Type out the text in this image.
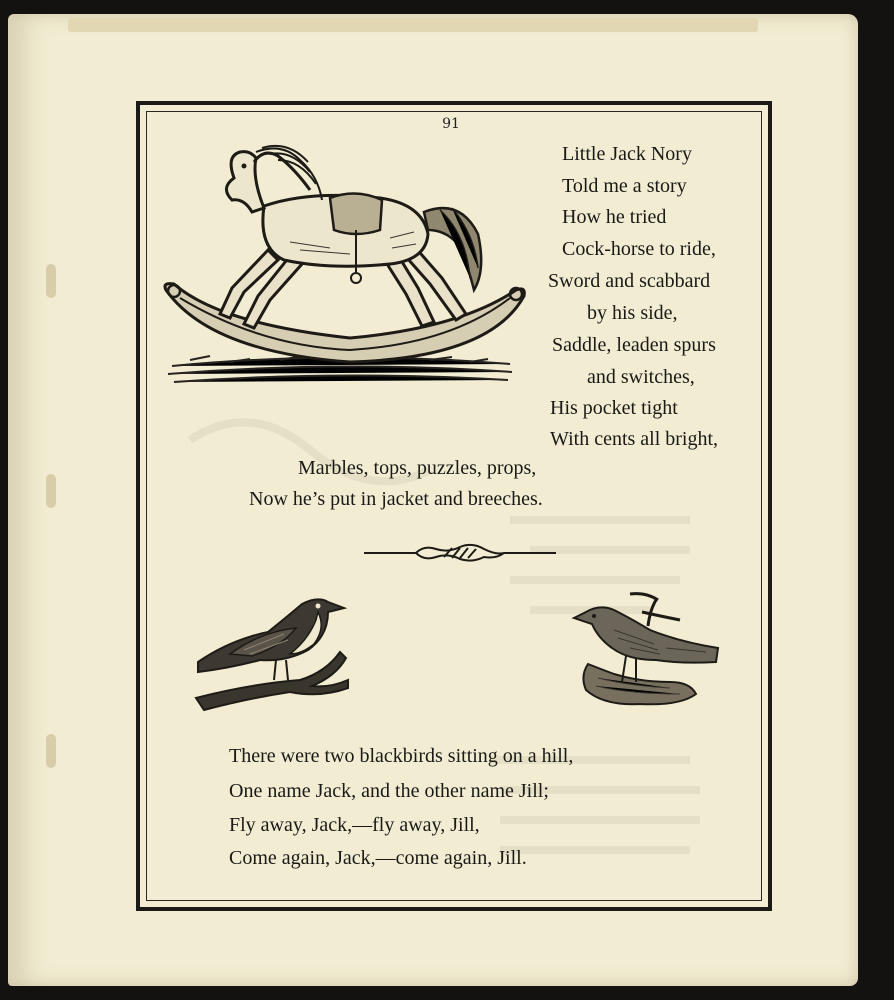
91
Little Jack Nory
Told me a story
How he tried
Cock-horse to ride,
Sword and scabbard
by his side,
Saddle, leaden spurs
and switches,
His pocket tight
With cents all bright,
Marbles, tops, puzzles, props,
Now he’s put in jacket and breeches.
There were two blackbirds sitting on a hill,
One name Jack, and the other name Jill;
Fly away, Jack,—fly away, Jill,
Come again, Jack,—come again, Jill.
